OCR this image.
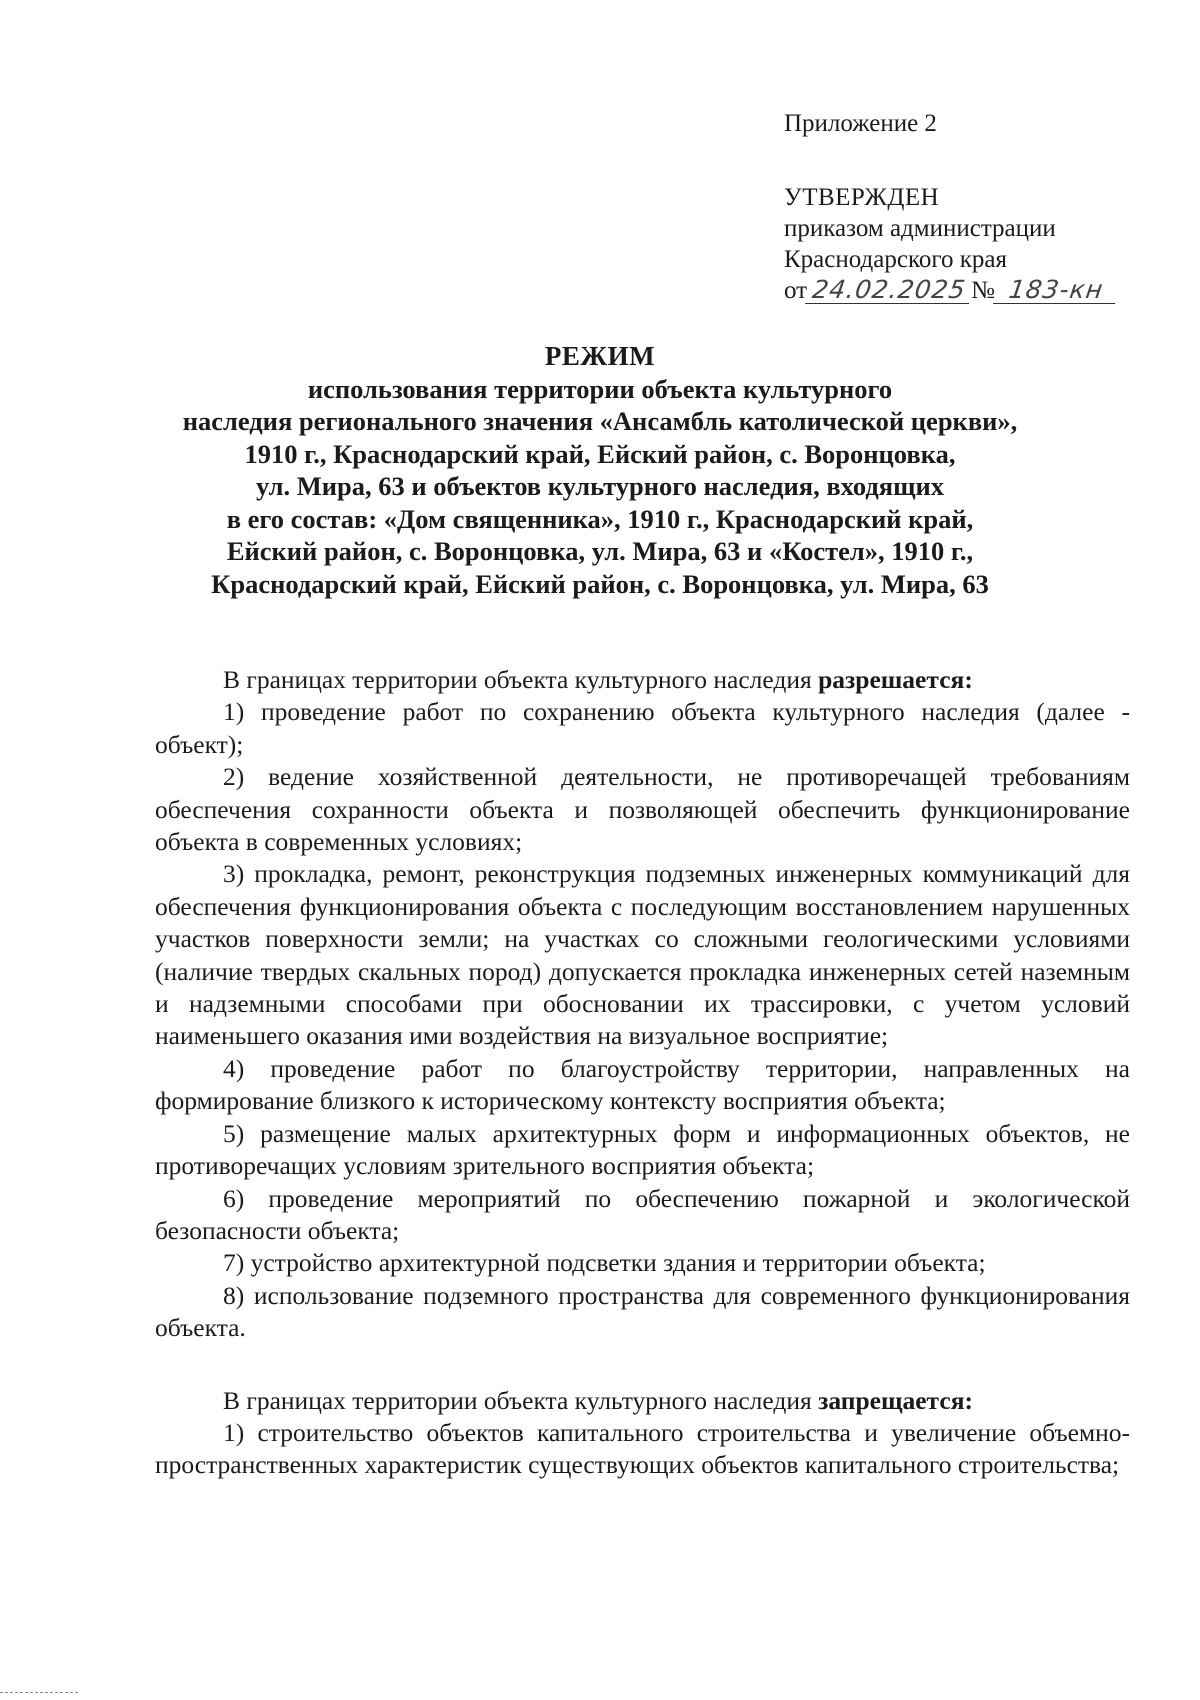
Приложение 2

УТВЕРЖДЕН

приказом администрации

Краснодарского края

от 24.02.2025 № 183-кн

РЕЖИМ

использования территории объекта культурного

наследия регионального значения «Ансамбль католической церкви»,

1910 г., Краснодарский край, Ейский район, с. Воронцовка,

ул. Мира, 63 и объектов культурного наследия, входящих

в его состав: «Дом священника», 1910 г., Краснодарский край,

Ейский район, с. Воронцовка, ул. Мира, 63 и «Костел», 1910 г.,

Краснодарский край, Ейский район, с. Воронцовка, ул. Мира, 63

В границах территории объекта культурного наследия разрешается:

1) проведение работ по сохранению объекта культурного наследия (далее - объект);

2) ведение хозяйственной деятельности, не противоречащей требованиям обеспечения сохранности объекта и позволяющей обеспечить функционирование объекта в современных условиях;

3) прокладка, ремонт, реконструкция подземных инженерных коммуникаций для обеспечения функционирования объекта с последующим восстановлением нарушенных участков поверхности земли; на участках со сложными геологическими условиями (наличие твердых скальных пород) допускается прокладка инженерных сетей наземным и надземными способами при обосновании их трассировки, с учетом условий наименьшего оказания ими воздействия на визуальное восприятие;

4) проведение работ по благоустройству территории, направленных на формирование близкого к историческому контексту восприятия объекта;

5) размещение малых архитектурных форм и информационных объектов, не противоречащих условиям зрительного восприятия объекта;

6) проведение мероприятий по обеспечению пожарной и экологической безопасности объекта;

7) устройство архитектурной подсветки здания и территории объекта;

8) использование подземного пространства для современного функционирования объекта.

В границах территории объекта культурного наследия запрещается:

1) строительство объектов капитального строительства и увеличение объемно-пространственных характеристик существующих объектов капитального строительства;
